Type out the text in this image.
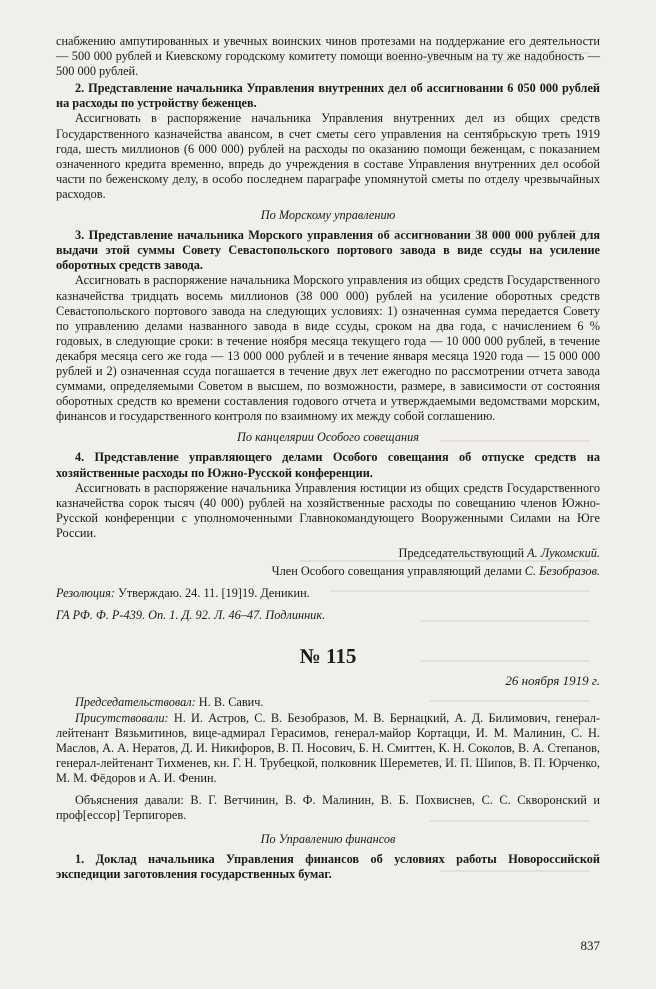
снабжению ампутированных и увечных воинских чинов протезами на поддержание его деятельности — 500 000 рублей и Киевскому городскому комитету помощи военно-увечным на ту же надобность — 500 000 рублей.

2. Представление начальника Управления внутренних дел об ассигновании 6 050 000 рублей на расходы по устройству беженцев.

Ассигновать в распоряжение начальника Управления внутренних дел из общих средств Государственного казначейства авансом, в счет сметы сего управления на сентябрьскую треть 1919 года, шесть миллионов (6 000 000) рублей на расходы по оказанию помощи беженцам, с показанием означенного кредита временно, впредь до учреждения в составе Управления внутренних дел особой части по беженскому делу, в особо последнем параграфе упомянутой сметы по отделу чрезвычайных расходов.

По Морскому управлению

3. Представление начальника Морского управления об ассигновании 38 000 000 рублей для выдачи этой суммы Совету Севастопольского портового завода в виде ссуды на усиление оборотных средств завода.

Ассигновать в распоряжение начальника Морского управления из общих средств Государственного казначейства тридцать восемь миллионов (38 000 000) рублей на усиление оборотных средств Севастопольского портового завода на следующих условиях: 1) означенная сумма передается Совету по управлению делами названного завода в виде ссуды, сроком на два года, с начислением 6 % годовых, в следующие сроки: в течение ноября месяца текущего года — 10 000 000 рублей, в течение декабря месяца сего же года — 13 000 000 рублей и в течение января месяца 1920 года — 15 000 000 рублей и 2) означенная ссуда погашается в течение двух лет ежегодно по рассмотрении отчета завода суммами, определяемыми Советом в высшем, по возможности, размере, в зависимости от состояния оборотных средств ко времени составления годового отчета и утверждаемыми ведомствами морским, финансов и государственного контроля по взаимному их между собой соглашению.

По канцелярии Особого совещания

4. Представление управляющего делами Особого совещания об отпуске средств на хозяйственные расходы по Южно-Русской конференции.

Ассигновать в распоряжение начальника Управления юстиции из общих средств Государственного казначейства сорок тысяч (40 000) рублей на хозяйственные расходы по совещанию членов Южно-Русской конференции с уполномоченными Главнокомандующего Вооруженными Силами на Юге России.

Председательствующий А. Лукомский.

Член Особого совещания управляющий делами С. Безобразов.

Резолюция: Утверждаю. 24. 11. [19]19. Деникин.

ГА РФ. Ф. Р-439. Оп. 1. Д. 92. Л. 46–47. Подлинник.

№ 115

26 ноября 1919 г.

Председательствовал: Н. В. Савич.

Присутствовали: Н. И. Астров, С. В. Безобразов, М. В. Бернацкий, А. Д. Билимович, генерал-лейтенант Вязьмитинов, вице-адмирал Герасимов, генерал-майор Кортацци, И. М. Малинин, С. Н. Маслов, А. А. Нератов, Д. И. Никифоров, В. П. Носович, Б. Н. Смиттен, К. Н. Соколов, В. А. Степанов, генерал-лейтенант Тихменев, кн. Г. Н. Трубецкой, полковник Шереметев, И. П. Шипов, В. П. Юрченко, М. М. Фёдоров и А. И. Фенин.

Объяснения давали: В. Г. Ветчинин, В. Ф. Малинин, В. Б. Похвиснев, С. С. Скворонский и проф[ессор] Терпигорев.

По Управлению финансов

1. Доклад начальника Управления финансов об условиях работы Новороссийской экспедиции заготовления государственных бумаг.

837
